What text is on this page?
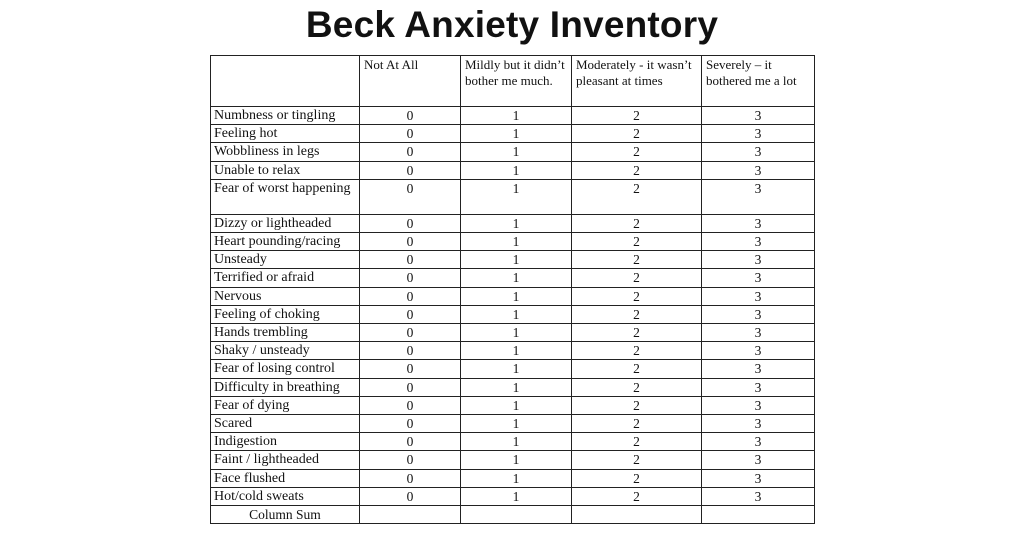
Beck Anxiety Inventory
	Not At All	Mildly but it didn’t bother me much.	Moderately - it wasn’t pleasant at times	Severely – it bothered me a lot
Numbness or tingling	0	1	2	3
Feeling hot	0	1	2	3
Wobbliness in legs	0	1	2	3
Unable to relax	0	1	2	3
Fear of worst happening	0	1	2	3
Dizzy or lightheaded	0	1	2	3
Heart pounding/racing	0	1	2	3
Unsteady	0	1	2	3
Terrified or afraid	0	1	2	3
Nervous	0	1	2	3
Feeling of choking	0	1	2	3
Hands trembling	0	1	2	3
Shaky / unsteady	0	1	2	3
Fear of losing control	0	1	2	3
Difficulty in breathing	0	1	2	3
Fear of dying	0	1	2	3
Scared	0	1	2	3
Indigestion	0	1	2	3
Faint / lightheaded	0	1	2	3
Face flushed	0	1	2	3
Hot/cold sweats	0	1	2	3
Column Sum				
